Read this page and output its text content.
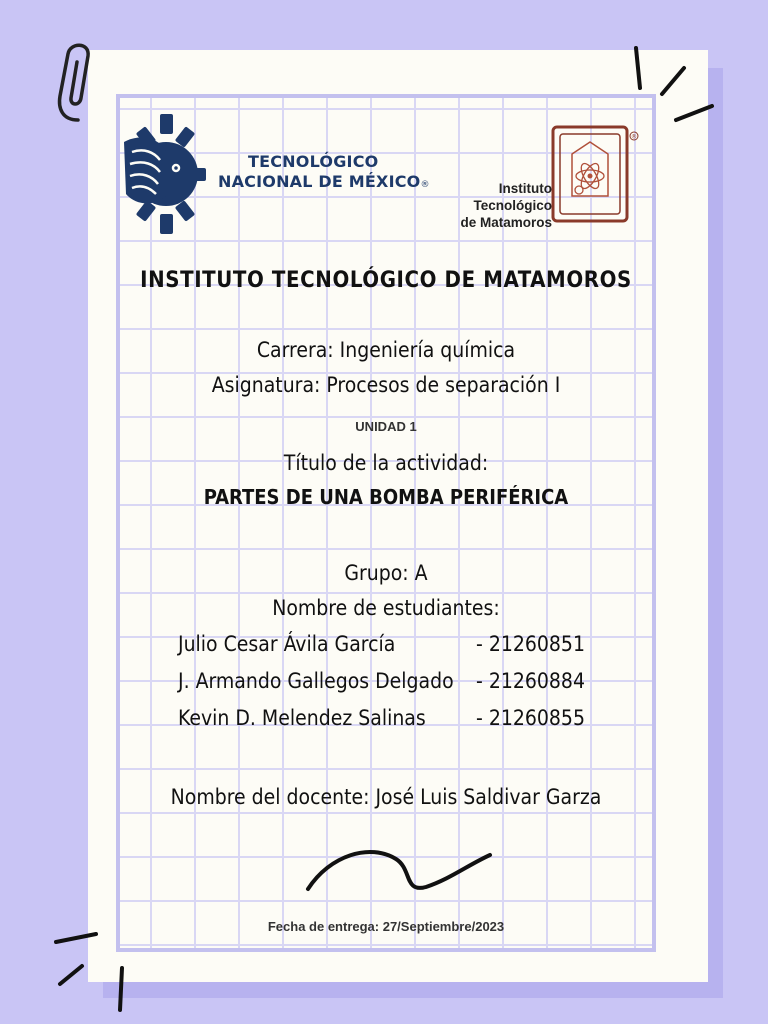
TECNOLÓGICO
NACIONAL DE MÉXICO®	Instituto
Tecnológico
de Matamoros
®
INSTITUTO TECNOLÓGICO DE MATAMOROS
Carrera: Ingeniería química
Asignatura: Procesos de separación I
UNIDAD 1
Título de la actividad:
PARTES DE UNA BOMBA PERIFÉRICA
Grupo: A
Nombre de estudiantes:
Julio Cesar Ávila García	- 21260851
J. Armando Gallegos Delgado - 21260884
Kevin D. Melendez Salinas - 21260855
Nombre del docente: José Luis Saldivar Garza
Fecha de entrega: 27/Septiembre/2023
